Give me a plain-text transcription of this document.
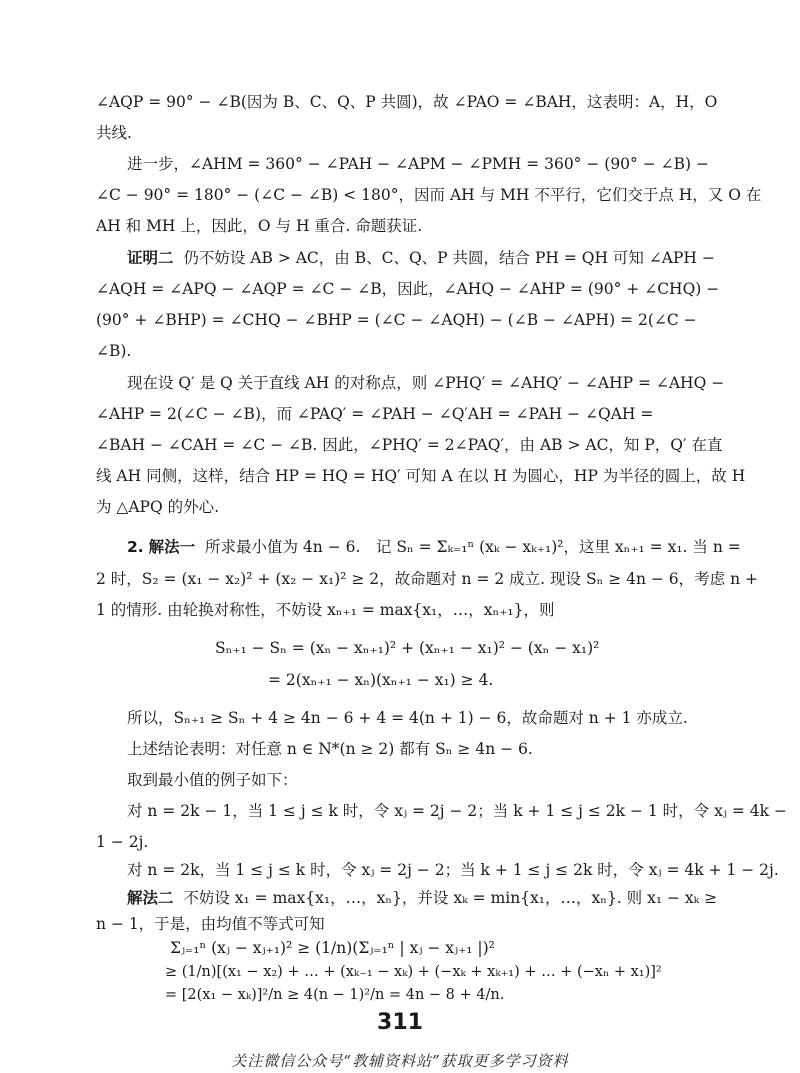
∠AQP = 90° − ∠B(因为 B、C、Q、P 共圆)，故 ∠PAO = ∠BAH，这表明：A，H，O
共线.
进一步，∠AHM = 360° − ∠PAH − ∠APM − ∠PMH = 360° − (90° − ∠B) −
∠C − 90° = 180° − (∠C − ∠B) < 180°，因而 AH 与 MH 不平行，它们交于点 H，又 O 在
AH 和 MH 上，因此，O 与 H 重合. 命题获证.
证明二 仍不妨设 AB > AC，由 B、C、Q、P 共圆，结合 PH = QH 可知 ∠APH −
∠AQH = ∠APQ − ∠AQP = ∠C − ∠B，因此，∠AHQ − ∠AHP = (90° + ∠CHQ) −
(90° + ∠BHP) = ∠CHQ − ∠BHP = (∠C − ∠AQH) − (∠B − ∠APH) = 2(∠C −
∠B).
现在设 Q′ 是 Q 关于直线 AH 的对称点，则 ∠PHQ′ = ∠AHQ′ − ∠AHP = ∠AHQ −
∠AHP = 2(∠C − ∠B)，而 ∠PAQ′ = ∠PAH − ∠Q′AH = ∠PAH − ∠QAH =
∠BAH − ∠CAH = ∠C − ∠B. 因此，∠PHQ′ = 2∠PAQ′，由 AB > AC，知 P，Q′ 在直
线 AH 同侧，这样，结合 HP = HQ = HQ′ 可知 A 在以 H 为圆心，HP 为半径的圆上，故 H
为 △APQ 的外心.
2. 解法一 所求最小值为 4n − 6.　记 Sₙ = Σₖ₌₁ⁿ (xₖ − xₖ₊₁)²，这里 xₙ₊₁ = x₁. 当 n =
2 时，S₂ = (x₁ − x₂)² + (x₂ − x₁)² ≥ 2，故命题对 n = 2 成立. 现设 Sₙ ≥ 4n − 6，考虑 n +
1 的情形. 由轮换对称性，不妨设 xₙ₊₁ = max{x₁，…，xₙ₊₁}，则
Sₙ₊₁ − Sₙ = (xₙ − xₙ₊₁)² + (xₙ₊₁ − x₁)² − (xₙ − x₁)²
= 2(xₙ₊₁ − xₙ)(xₙ₊₁ − x₁) ≥ 4.
所以，Sₙ₊₁ ≥ Sₙ + 4 ≥ 4n − 6 + 4 = 4(n + 1) − 6，故命题对 n + 1 亦成立.
上述结论表明：对任意 n ∈ N*(n ≥ 2) 都有 Sₙ ≥ 4n − 6.
取到最小值的例子如下：
对 n = 2k − 1，当 1 ≤ j ≤ k 时，令 xⱼ = 2j − 2；当 k + 1 ≤ j ≤ 2k − 1 时，令 xⱼ = 4k −
1 − 2j.
对 n = 2k，当 1 ≤ j ≤ k 时，令 xⱼ = 2j − 2；当 k + 1 ≤ j ≤ 2k 时，令 xⱼ = 4k + 1 − 2j.
解法二 不妨设 x₁ = max{x₁，…，xₙ}，并设 xₖ = min{x₁，…，xₙ}. 则 x₁ − xₖ ≥
n − 1，于是，由均值不等式可知
Σⱼ₌₁ⁿ (xⱼ − xⱼ₊₁)² ≥ (1/n)(Σⱼ₌₁ⁿ | xⱼ − xⱼ₊₁ |)²
≥ (1/n)[(x₁ − x₂) + … + (xₖ₋₁ − xₖ) + (−xₖ + xₖ₊₁) + … + (−xₙ + x₁)]²
311
关注微信公众号“教辅资料站”获取更多学习资料
= [2(x₁ − xₖ)]²/n ≥ 4(n − 1)²/n = 4n − 8 + 4/n.
